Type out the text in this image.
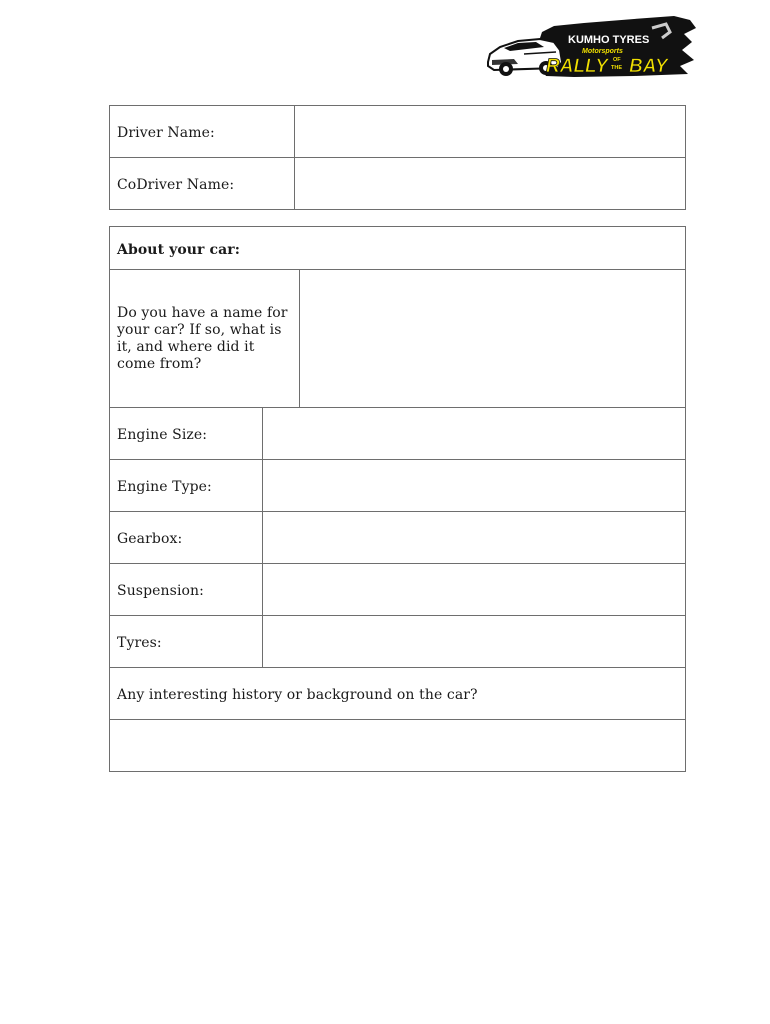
KUMHO TYRES
Motorsports
RALLY OF
THE BAY
Driver Name:	
CoDriver Name:	
About your car:		

Do you have a name for your car? If so, what is it, and where did it come from?		

Engine Size:		
Engine Type:		
Gearbox:		
Suspension:		
Tyres:		
Any interesting history or background on the car?		
